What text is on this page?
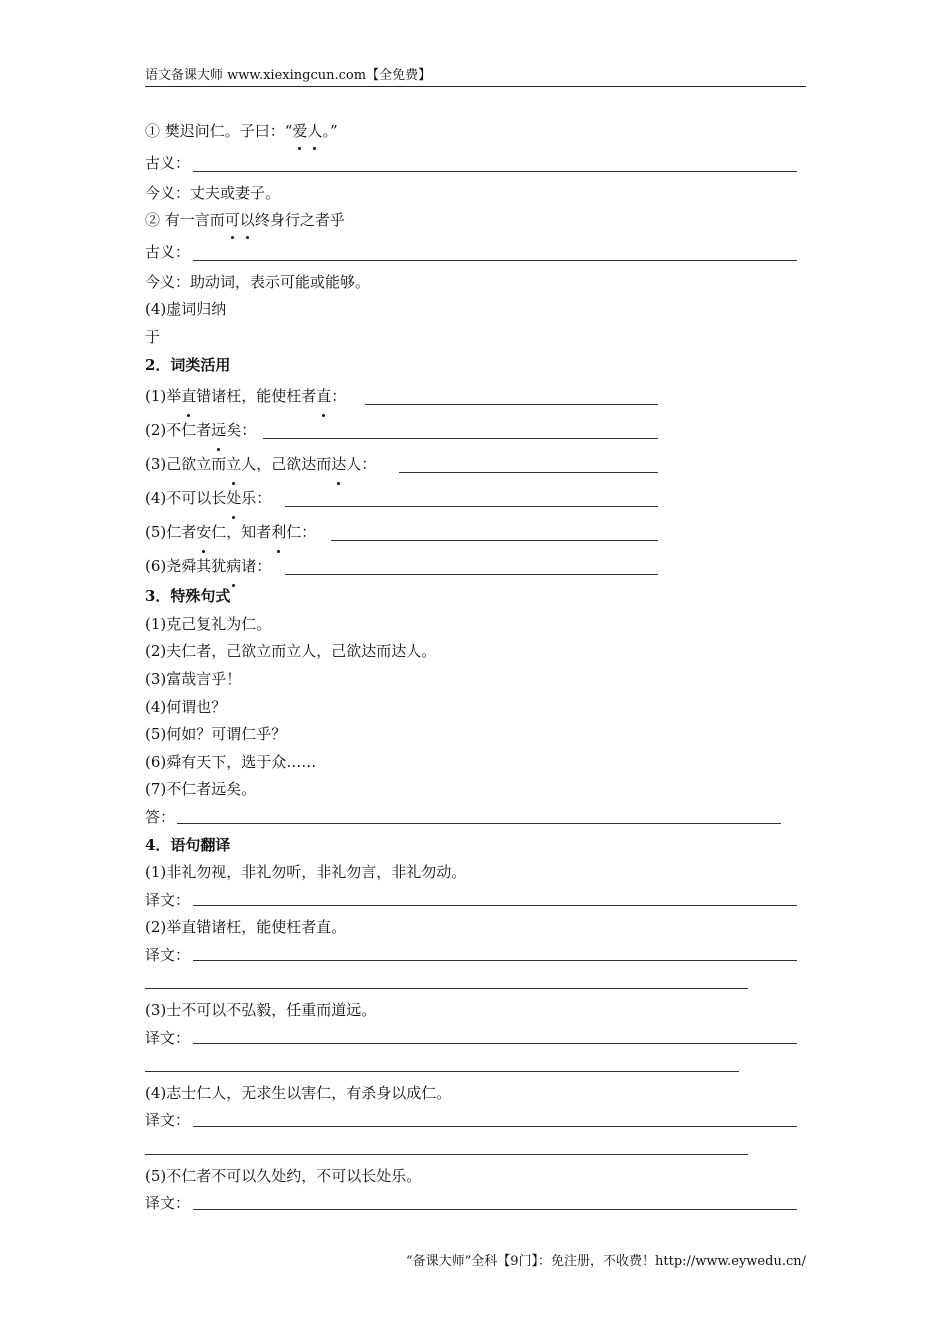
语文备课大师 www.xiexingcun.com【全免费】
① 樊迟问仁。子曰：“爱人。”
古义：
今义：丈夫或妻子。
② 有一言而可以终身行之者乎
古义：
今义：助动词，表示可能或能够。
(4)虚词归纳
于
2．词类活用
(1)举直错诸枉，能使枉者直：
(2)不仁者远矣：
(3)己欲立而立人，己欲达而达人：
(4)不可以长处乐：
(5)仁者安仁，知者利仁：
(6)尧舜其犹病诸：
3．特殊句式
(1)克己复礼为仁。
(2)夫仁者，己欲立而立人，己欲达而达人。
(3)富哉言乎！
(4)何谓也？
(5)何如？可谓仁乎？
(6)舜有天下，选于众……
(7)不仁者远矣。
答：
4．语句翻译
(1)非礼勿视，非礼勿听，非礼勿言，非礼勿动。
译文：
(2)举直错诸枉，能使枉者直。
译文：
(3)士不可以不弘毅，任重而道远。
译文：
(4)志士仁人，无求生以害仁，有杀身以成仁。
译文：
(5)不仁者不可以久处约，不可以长处乐。
译文：
“备课大师”全科【9门】：免注册，不收费！http://www.eywedu.cn/
